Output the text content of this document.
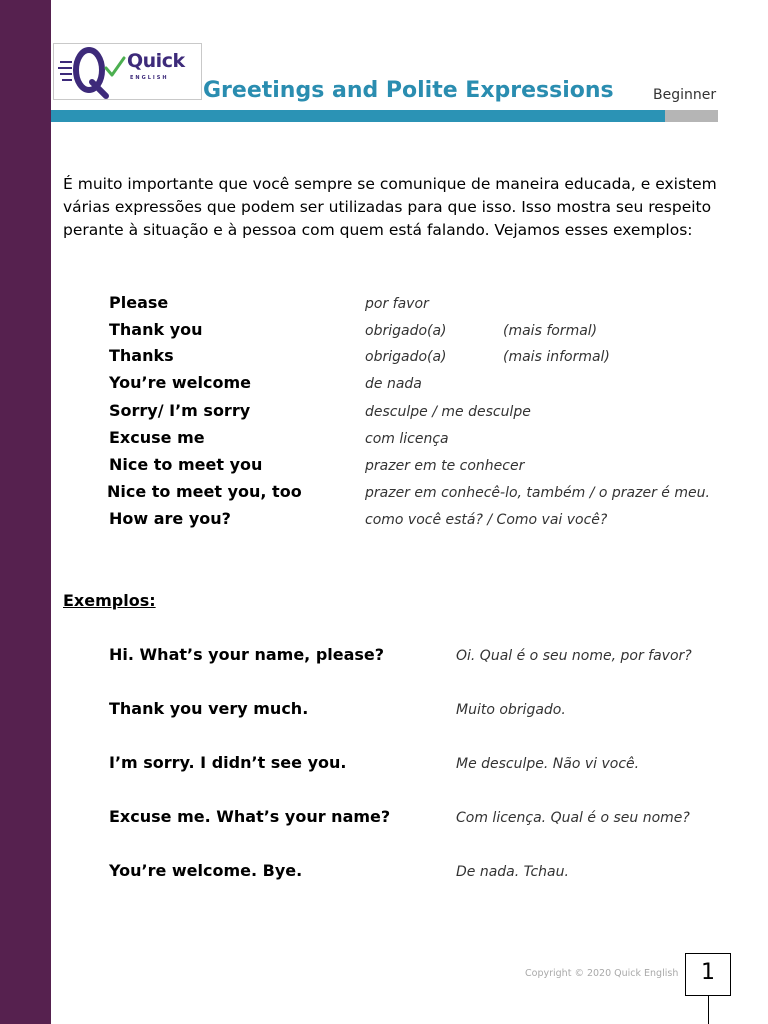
Quick
ENGLISH Greetings and Polite Expressions	Beginner

É muito importante que você sempre se comunique de maneira educada, e existem várias expressões que podem ser utilizadas para que isso. Isso mostra seu respeito perante à situação e à pessoa com quem está falando. Vejamos esses exemplos:

Please	por favor
Thank you	obrigado(a)	(mais formal)
Thanks	obrigado(a)	(mais informal)
You’re welcome	de nada
Sorry/ I’m sorry	desculpe / me desculpe
Excuse me	com licença
Nice to meet you	prazer em te conhecer
Nice to meet you, too	prazer em conhecê-lo, também / o prazer é meu.
How are you?	como você está? / Como vai você?
Exemplos:
Hi. What’s your name, please?	Oi. Qual é o seu nome, por favor?
Thank you very much.	Muito obrigado.
I’m sorry. I didn’t see you.	Me desculpe. Não vi você.
Excuse me. What’s your name?	Com licença. Qual é o seu nome?
You’re welcome. Bye.	De nada. Tchau.
Copyright © 2020 Quick English	1
